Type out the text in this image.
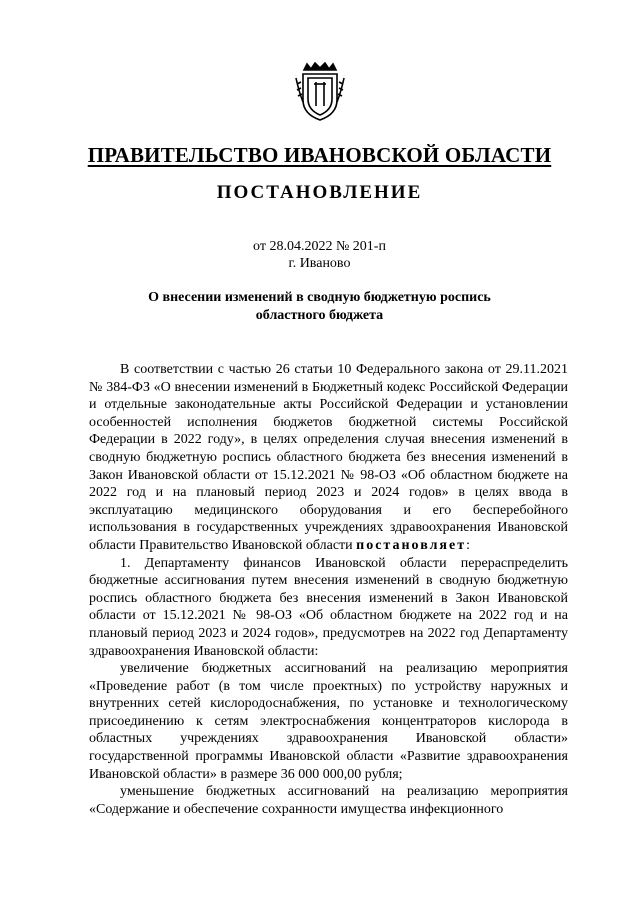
ПРАВИТЕЛЬСТВО ИВАНОВСКОЙ ОБЛАСТИ
ПОСТАНОВЛЕНИЕ
от 28.04.2022 № 201-п
г. Иваново
О внесении изменений в сводную бюджетную роспись
областного бюджета

В соответствии с частью 26 статьи 10 Федерального закона от 29.11.2021 № 384-ФЗ «О внесении изменений в Бюджетный кодекс Российской Федерации и отдельные законодательные акты Российской Федерации и установлении особенностей исполнения бюджетов бюджетной системы Российской Федерации в 2022 году», в целях определения случая внесения изменений в сводную бюджетную роспись областного бюджета без внесения изменений в Закон Ивановской области от 15.12.2021 № 98-ОЗ «Об областном бюджете на 2022 год и на плановый период 2023 и 2024 годов» в целях ввода в эксплуатацию медицинского оборудования и его бесперебойного использования в государственных учреждениях здравоохранения Ивановской области Правительство Ивановской области постановляет:

1. Департаменту финансов Ивановской области перераспределить бюджетные ассигнования путем внесения изменений в сводную бюджетную роспись областного бюджета без внесения изменений в Закон Ивановской области от 15.12.2021 № 98-ОЗ «Об областном бюджете на 2022 год и на плановый период 2023 и 2024 годов», предусмотрев на 2022 год Департаменту здравоохранения Ивановской области:

увеличение бюджетных ассигнований на реализацию мероприятия «Проведение работ (в том числе проектных) по устройству наружных и внутренних сетей кислородоснабжения, по установке и технологическому присоединению к сетям электроснабжения концентраторов кислорода в областных учреждениях здравоохранения Ивановской области» государственной программы Ивановской области «Развитие здравоохранения Ивановской области» в размере 36 000 000,00 рубля;

уменьшение бюджетных ассигнований на реализацию мероприятия «Содержание и обеспечение сохранности имущества инфекционного
